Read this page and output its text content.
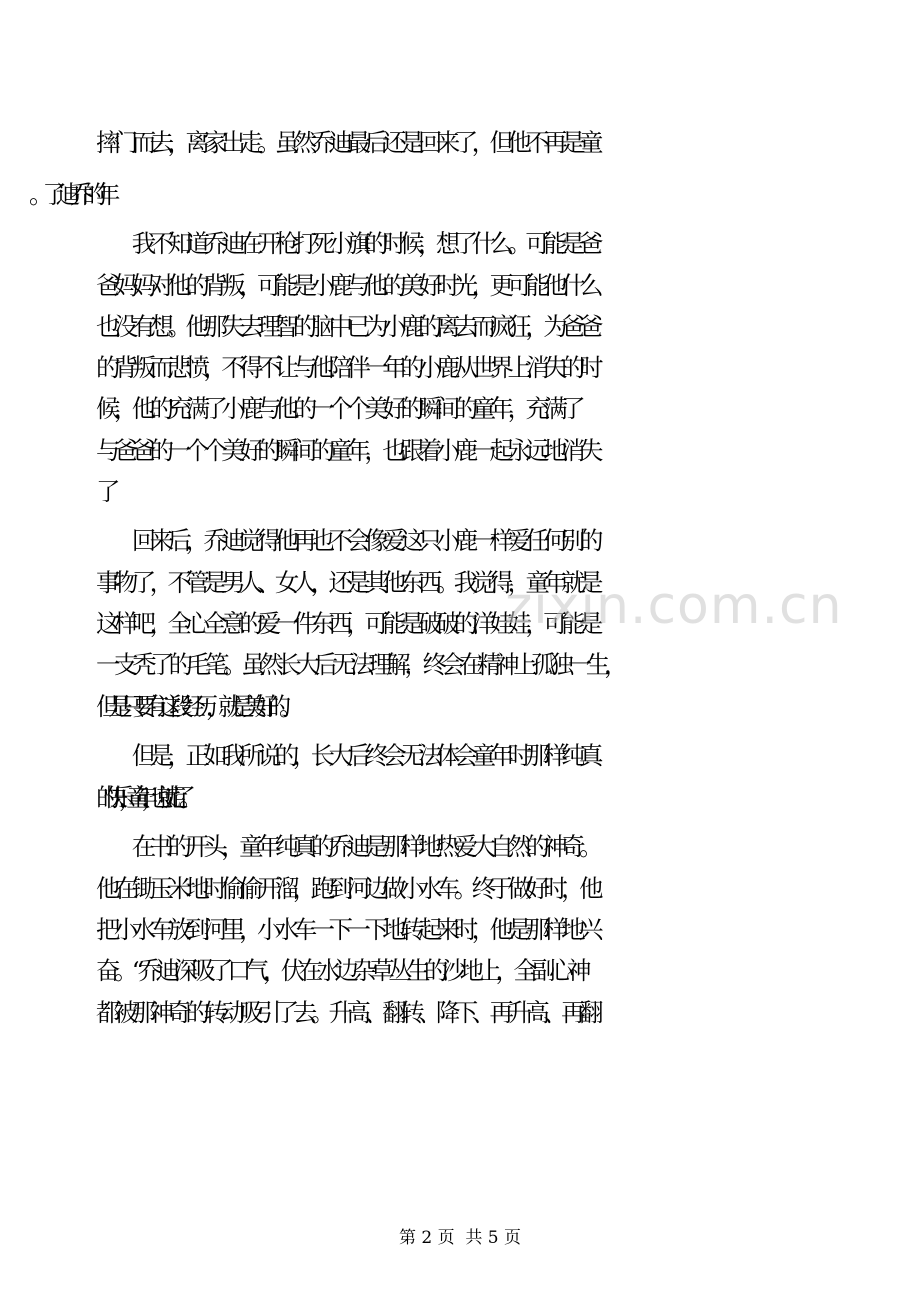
摔门而去，离家出走。虽然乔迪最后还是回来了，但他不再是童
　　我不知道乔迪在开枪打死小旗的时候，想了什么。可能是爸
爸妈妈对他的背叛，可能是小鹿与他的美好时光，更可能他什么
也没有想。他那失去理智的脑中已为小鹿的离去而疯狂，为爸爸
的背叛而悲愤，不得不让与他陪伴一年的小鹿从世界上消失的时
候，他的'充满了小鹿与他的一个个美好的瞬间的童年，充满了
与爸爸的一个个美好的瞬间的童年，也跟着小鹿一起永远地消失
　　回来后，乔迪觉得他再也不会像爱这只小鹿一样爱任何别的
事物了，不管是男人、女人，还是其他东西。我觉得，童年就是
这样吧，全心全意的爱一件东西，可能是破破的洋娃娃，可能是
一支秃了的毛笔。虽然长大后无法理解，终会在精神上孤独一生，
但是只要有这段经历，就是美好的。
　　但是，正如我所说的，长大后终会无法体会童年时那样纯真
的快乐，童年，也就走了。
　　在书的开头，童年纯真的乔迪是那样地热爱大自然的神奇。
他在锄玉米地时偷偷开溜，跑到河边做小水车。终于做好时，他
把小水车放到河里，小水车一下一下地转起来时，他是那样地兴
奋。“乔迪深吸了口气，伏在水边杂草丛生的沙地上，全副心神
都被那神奇的转动吸引了去。升高、翻转、降下、再升高、再翻
zixin.com.cn
第 2 页  共 5 页
